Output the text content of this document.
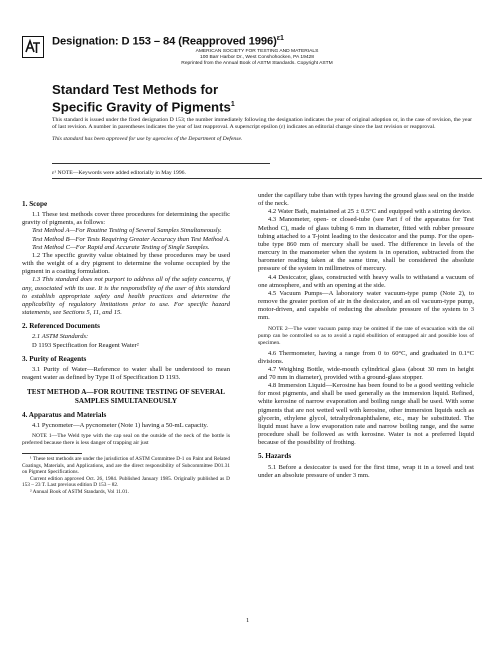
Designation: D 153 – 84 (Reapproved 1996)$^{\varepsilon 1}$
AMERICAN SOCIETY FOR TESTING AND MATERIALS
100 Barr Harbor Dr., West Conshohocken, PA 19428
Reprinted from the Annual Book of ASTM Standards. Copyright ASTM
Standard Test Methods for
Specific Gravity of Pigments$^1$

This standard is issued under the fixed designation D 153; the number immediately following the designation indicates the year of original adoption or, in the case of revision, the year of last revision. A number in parentheses indicates the year of last reapproval. A superscript epsilon (ε) indicates an editorial change since the last revision or reapproval.

This standard has been approved for use by agencies of the Department of Defense.

ε¹ NOTE—Keywords were added editorially in May 1996.

1. Scope

1.1 These test methods cover three procedures for determining the specific gravity of pigments, as follows:

Test Method A—For Routine Testing of Several Samples Simultaneously.

Test Method B—For Tests Requiring Greater Accuracy than Test Method A.

Test Method C—For Rapid and Accurate Testing of Single Samples.

1.2 The specific gravity value obtained by these procedures may be used with the weight of a dry pigment to determine the volume occupied by the pigment in a coating formulation.

1.3 This standard does not purport to address all of the safety concerns, if any, associated with its use. It is the responsibility of the user of this standard to establish appropriate safety and health practices and determine the applicability of regulatory limitations prior to use. For specific hazard statements, see Sections 5, 11, and 15.

2. Referenced Documents

2.1 ASTM Standards:

D 1193 Specification for Reagent Water²

3. Purity of Reagents

3.1 Purity of Water—Reference to water shall be understood to mean reagent water as defined by Type II of Specification D 1193.

TEST METHOD A—FOR ROUTINE TESTING OF SEVERAL SAMPLES SIMULTANEOUSLY

4. Apparatus and Materials

4.1 Pycnometer—A pycnometer (Note 1) having a 50-mL capacity.

NOTE 1—The Weld type with the cap seal on the outside of the neck of the bottle is preferred because there is less danger of trapping air just

¹ These test methods are under the jurisdiction of ASTM Committee D-1 on Paint and Related Coatings, Materials, and Applications, and are the direct responsibility of Subcommittee D01.31 on Pigment Specifications.

Current edition approved Oct. 26, 1984. Published January 1985. Originally published as D 153 – 23 T. Last previous edition D 153 – 82.

² Annual Book of ASTM Standards, Vol 11.01.

under the capillary tube than with types having the ground glass seal on the inside of the neck.

4.2 Water Bath, maintained at 25 ± 0.5°C and equipped with a stirring device.

4.3 Manometer, open- or closed-tube (see Part f of the apparatus for Test Method C), made of glass tubing 6 mm in diameter, fitted with rubber pressure tubing attached to a T-joint leading to the desiccator and the pump. For the open-tube type 860 mm of mercury shall be used. The difference in levels of the mercury in the manometer when the system is in operation, subtracted from the barometer reading taken at the same time, shall be considered the absolute pressure of the system in millimetres of mercury.

4.4 Desiccator, glass, constructed with heavy walls to withstand a vacuum of one atmosphere, and with an opening at the side.

4.5 Vacuum Pumps—A laboratory water vacuum-type pump (Note 2), to remove the greater portion of air in the desiccator, and an oil vacuum-type pump, motor-driven, and capable of reducing the absolute pressure of the system to 3 mm.

NOTE 2—The water vacuum pump may be omitted if the rate of evacuation with the oil pump can be controlled so as to avoid a rapid ebullition of entrapped air and possible loss of specimen.

4.6 Thermometer, having a range from 0 to 60°C, and graduated in 0.1°C divisions.

4.7 Weighing Bottle, wide-mouth cylindrical glass (about 30 mm in height and 70 mm in diameter), provided with a ground-glass stopper.

4.8 Immersion Liquid—Kerosine has been found to be a good wetting vehicle for most pigments, and shall be used generally as the immersion liquid. Refined, white kerosine of narrow evaporation and boiling range shall be used. With some pigments that are not wetted well with kerosine, other immersion liquids such as glycerin, ethylene glycol, tetrahydronaphthalene, etc., may be substituted. The liquid must have a low evaporation rate and narrow boiling range, and the same procedure shall be followed as with kerosine. Water is not a preferred liquid because of the possibility of frothing.

5. Hazards

5.1 Before a desiccator is used for the first time, wrap it in a towel and test under an absolute pressure of under 3 mm.

1
